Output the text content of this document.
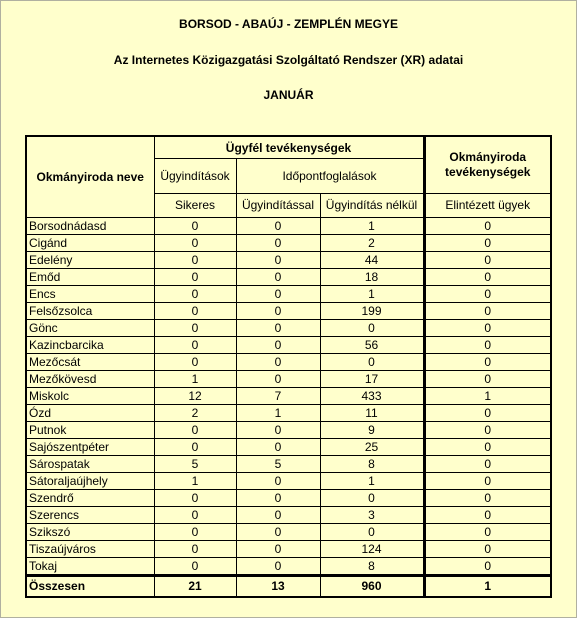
BORSOD - ABAÚJ - ZEMPLÉN MEGYE
Az Internetes Közigazgatási Szolgáltató Rendszer (XR) adatai
JANUÁR
Okmányiroda neve	Ügyfél tevékenységek			Okmányiroda tevékenységek
	Ügyindítások	Időpontfoglalások		
	Sikeres	Ügyindítással	Ügyindítás nélkül	Elintézett ügyek
Borsodnádasd	0	0	1	0
Cigánd	0	0	2	0
Edelény	0	0	44	0
Emőd	0	0	18	0
Encs	0	0	1	0
Felsőzsolca	0	0	199	0
Gönc	0	0	0	0
Kazincbarcika	0	0	56	0
Mezőcsát	0	0	0	0
Mezőkövesd	1	0	17	0
Miskolc	12	7	433	1
Ózd	2	1	11	0
Putnok	0	0	9	0
Sajószentpéter	0	0	25	0
Sárospatak	5	5	8	0
Sátoraljaújhely	1	0	1	0
Szendrő	0	0	0	0
Szerencs	0	0	3	0
Szikszó	0	0	0	0
Tiszaújváros	0	0	124	0
Tokaj	0	0	8	0
Összesen	21	13	960	1
